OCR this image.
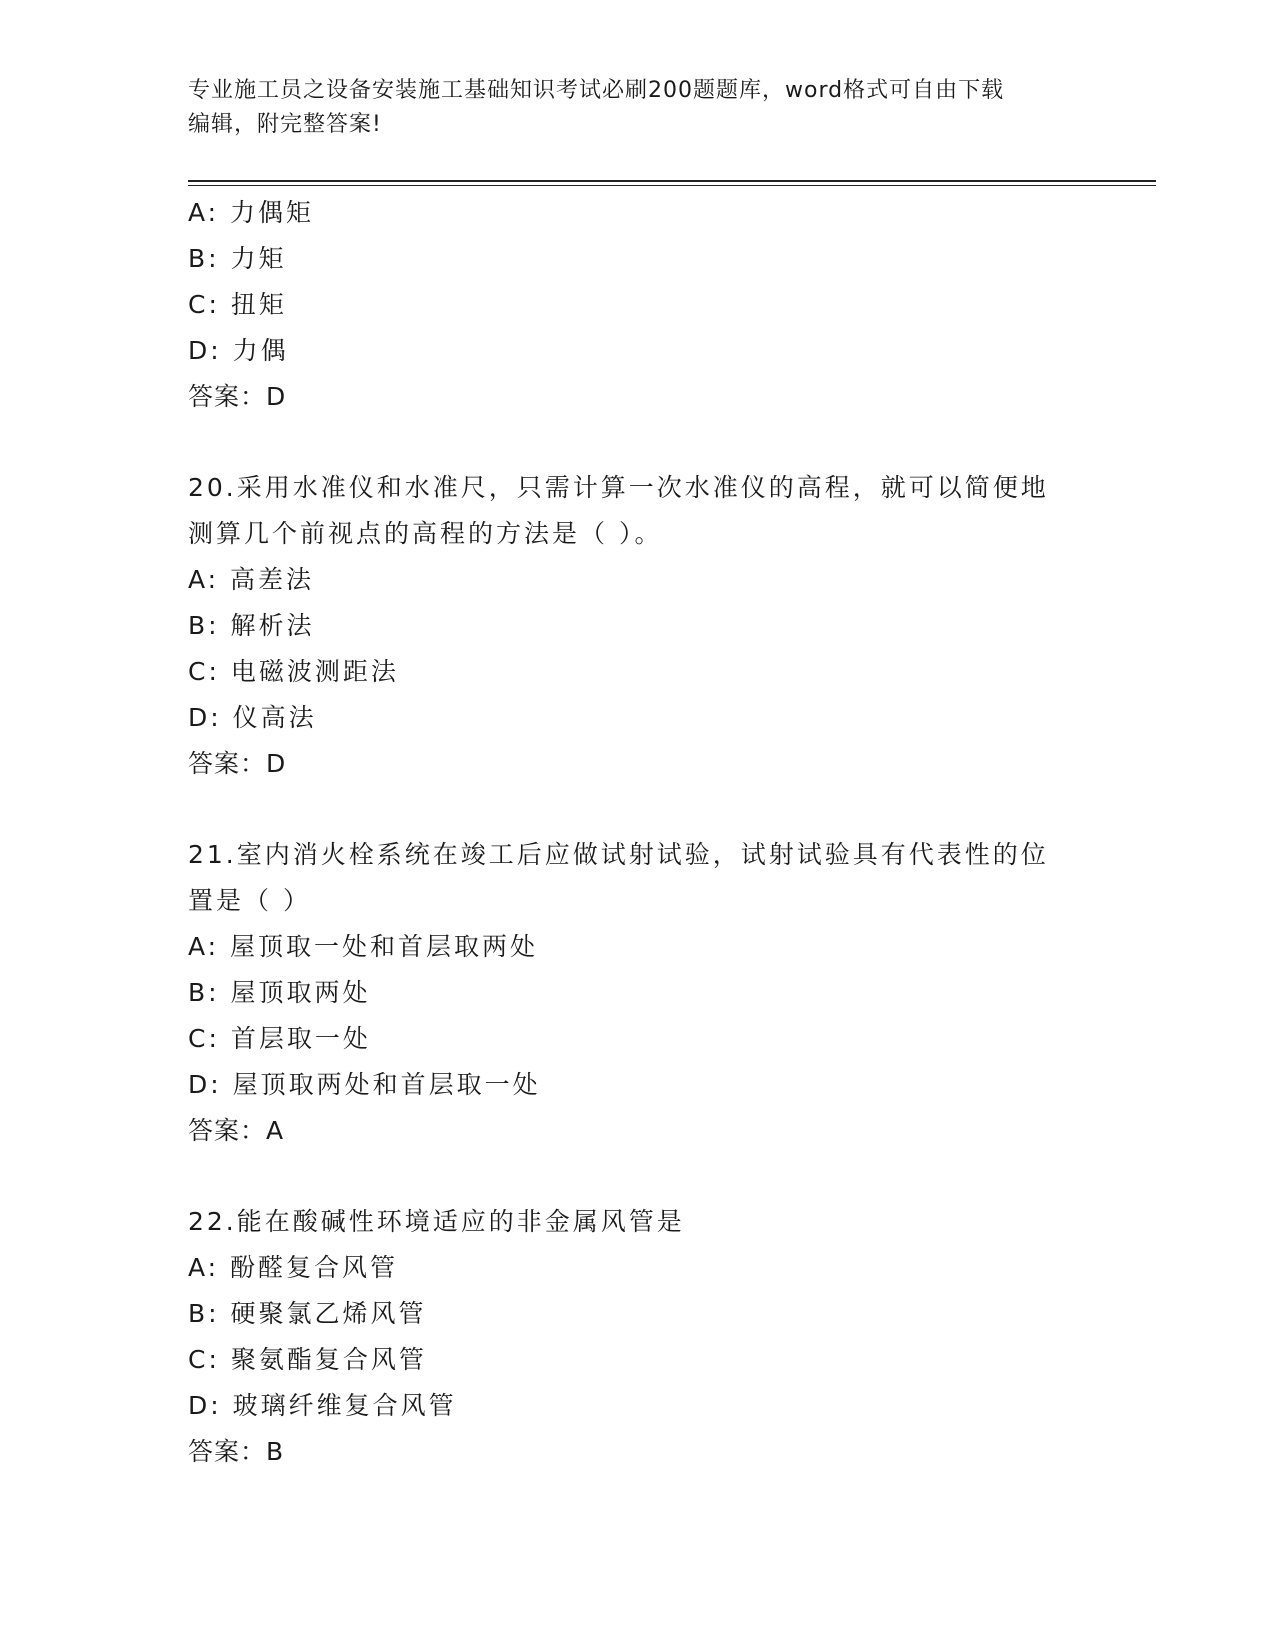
专业施工员之设备安装施工基础知识考试必刷200题题库，word格式可自由下载
编辑，附完整答案!
A: 力偶矩
B: 力矩
C: 扭矩
D: 力偶
答案：D
20.采用水准仪和水准尺，只需计算一次水准仪的高程，就可以简便地
测算几个前视点的高程的方法是（ ）。
A: 高差法
B: 解析法
C: 电磁波测距法
D: 仪高法
答案：D
21.室内消火栓系统在竣工后应做试射试验，试射试验具有代表性的位
置是（ ）
A: 屋顶取一处和首层取两处
B: 屋顶取两处
C: 首层取一处
D: 屋顶取两处和首层取一处
答案：A
22.能在酸碱性环境适应的非金属风管是
A: 酚醛复合风管
B: 硬聚氯乙烯风管
C: 聚氨酯复合风管
D: 玻璃纤维复合风管
答案：B
